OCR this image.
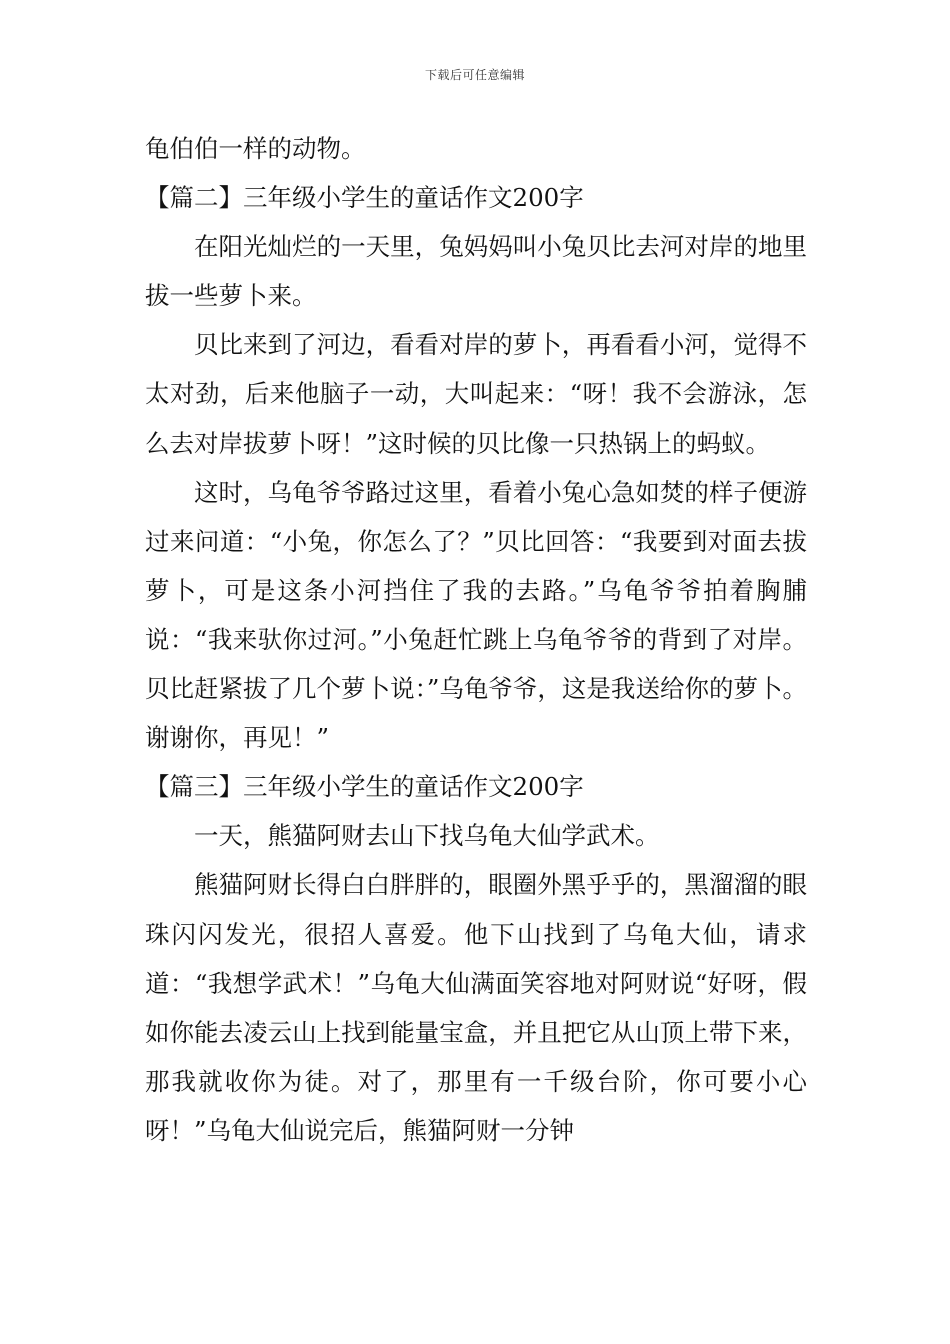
下载后可任意编辑

龟伯伯一样的动物。

【篇二】三年级小学生的童话作文200字

在阳光灿烂的一天里，兔妈妈叫小兔贝比去河对岸的地里拔一些萝卜来。

贝比来到了河边，看看对岸的萝卜，再看看小河，觉得不太对劲，后来他脑子一动，大叫起来：“呀！我不会游泳，怎么去对岸拔萝卜呀！”这时候的贝比像一只热锅上的蚂蚁。

这时，乌龟爷爷路过这里，看着小兔心急如焚的样子便游过来问道：“小兔，你怎么了？”贝比回答：“我要到对面去拔萝卜，可是这条小河挡住了我的去路。”乌龟爷爷拍着胸脯说：“我来驮你过河。”小兔赶忙跳上乌龟爷爷的背到了对岸。贝比赶紧拔了几个萝卜说：”乌龟爷爷，这是我送给你的萝卜。谢谢你，再见！”

【篇三】三年级小学生的童话作文200字

一天，熊猫阿财去山下找乌龟大仙学武术。

熊猫阿财长得白白胖胖的，眼圈外黑乎乎的，黑溜溜的眼珠闪闪发光，很招人喜爱。他下山找到了乌龟大仙，请求道：“我想学武术！”乌龟大仙满面笑容地对阿财说“好呀，假如你能去凌云山上找到能量宝盒，并且把它从山顶上带下来，那我就收你为徒。对了，那里有一千级台阶，你可要小心呀！”乌龟大仙说完后，熊猫阿财一分钟
